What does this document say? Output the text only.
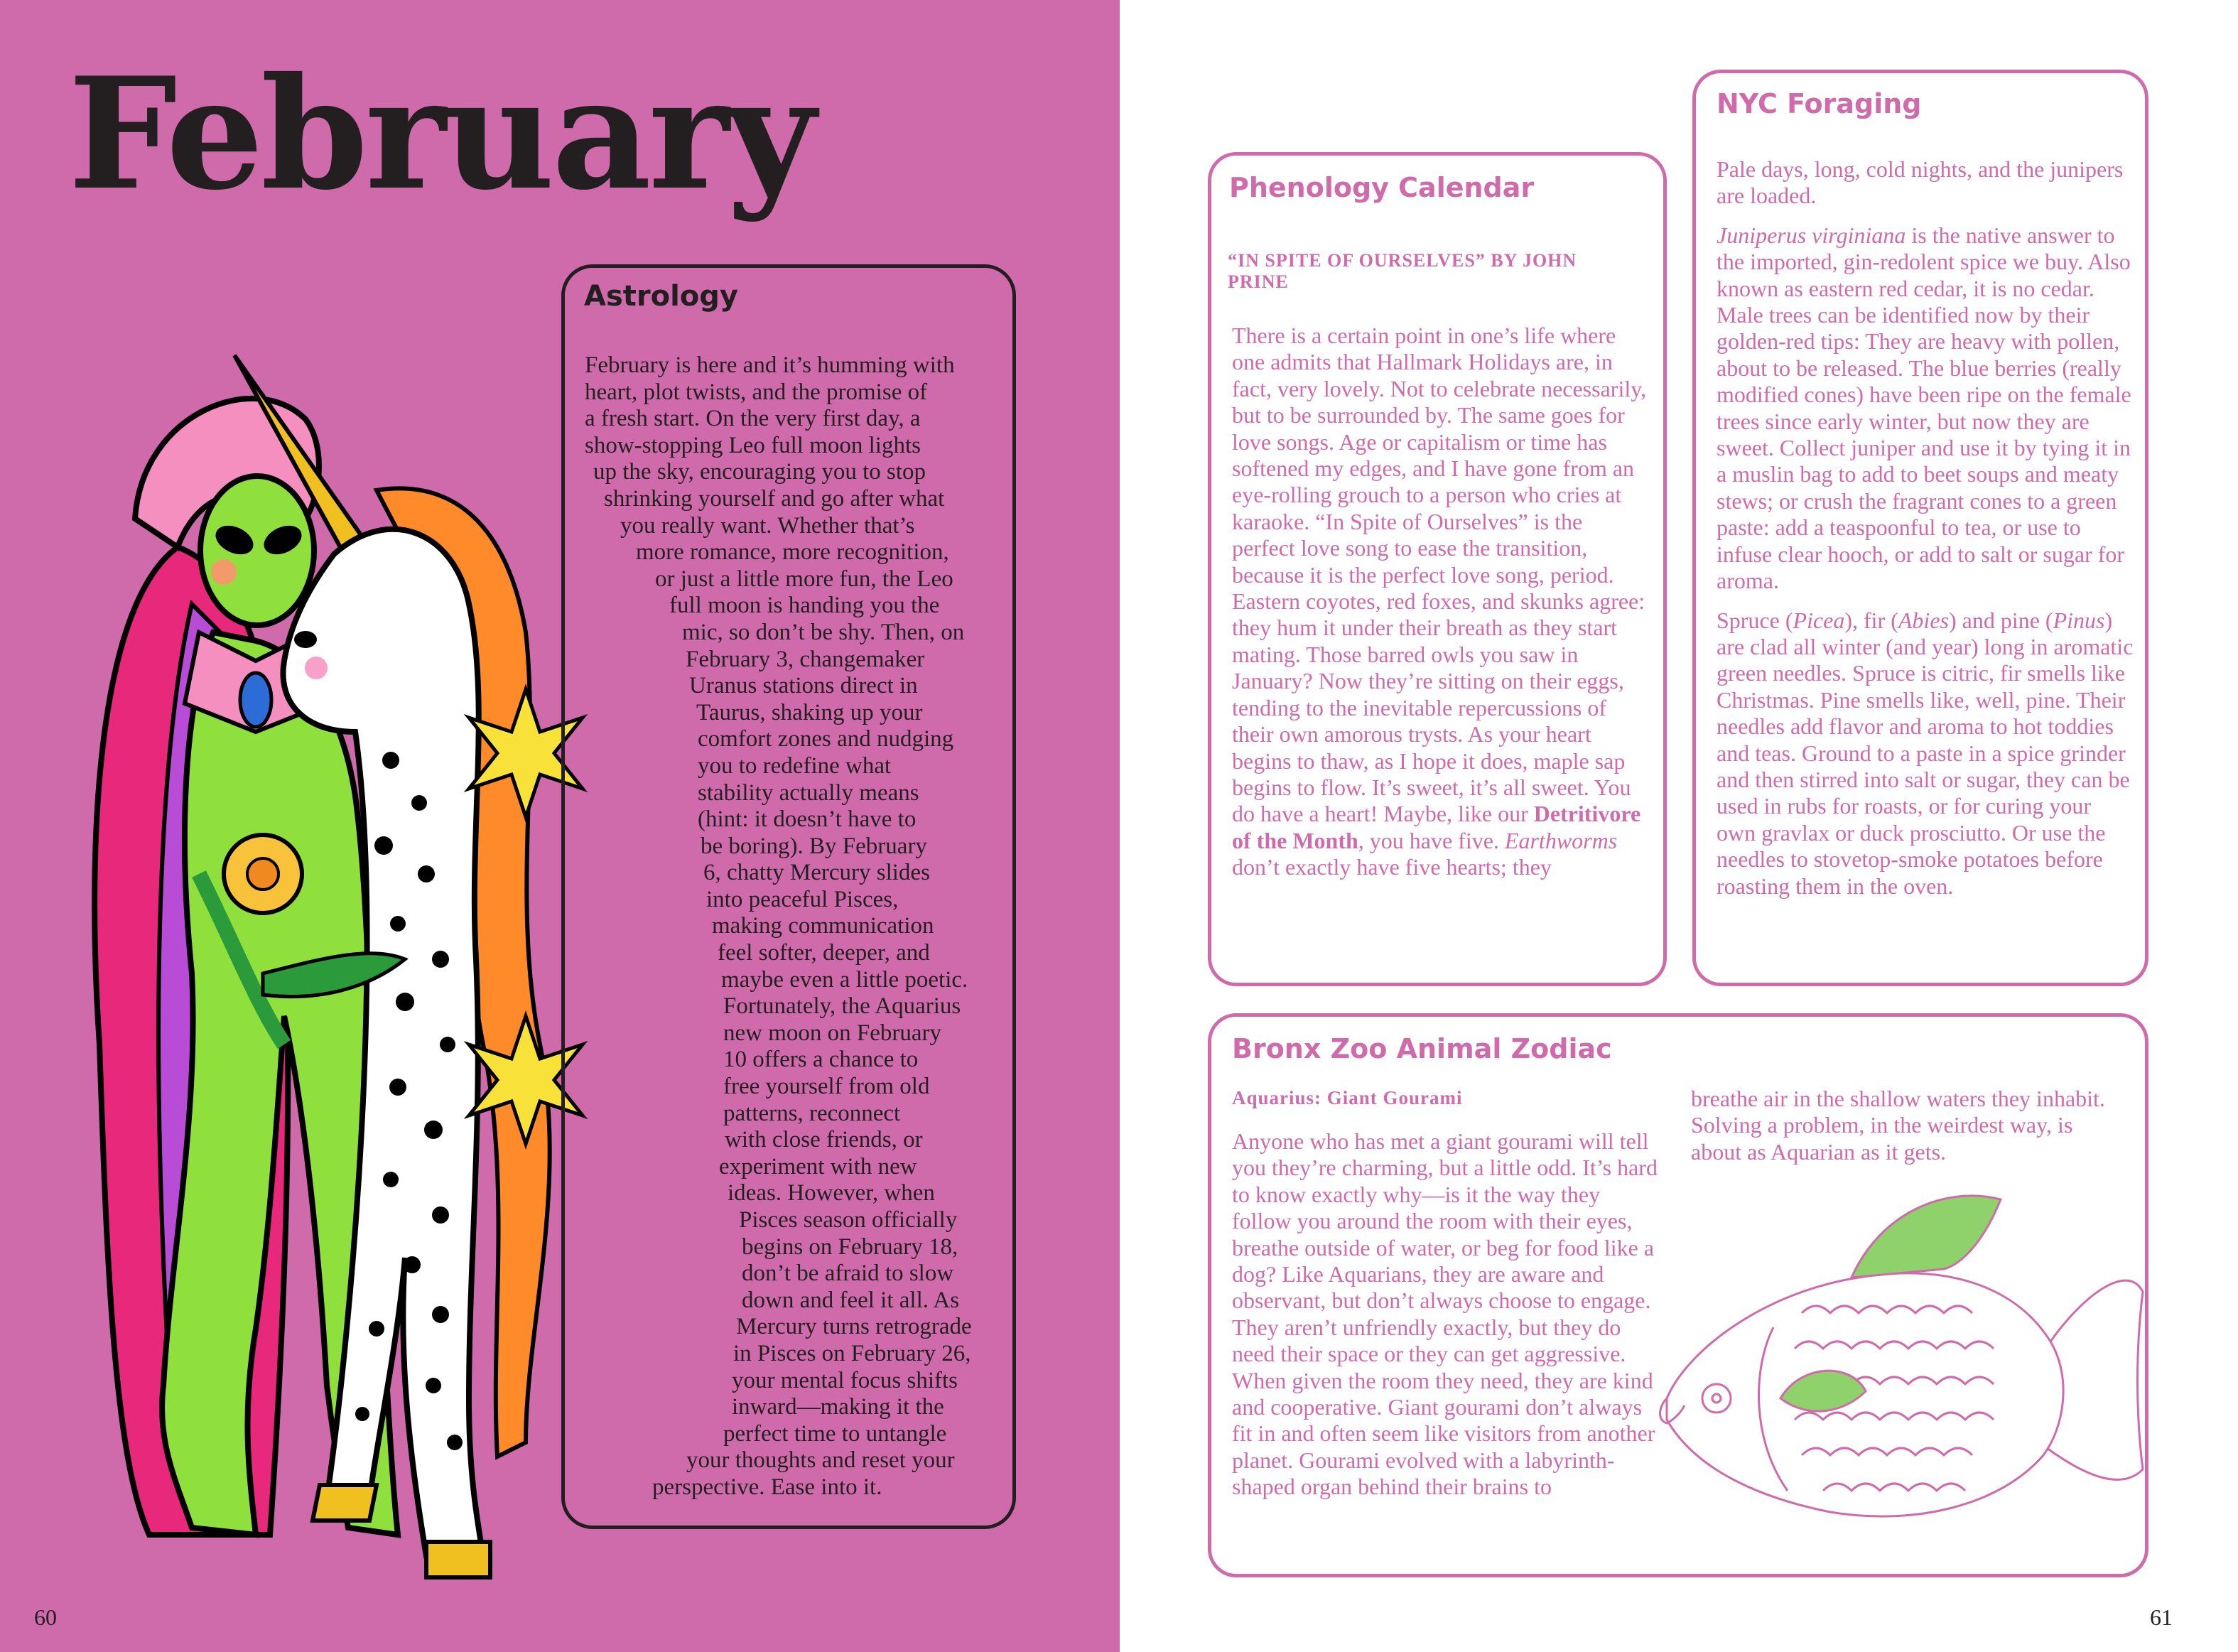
February
Astrology
February is here and it’s humming with
heart, plot twists, and the promise of
a fresh start. On the very first day, a
show-stopping Leo full moon lights
up the sky, encouraging you to stop
shrinking yourself and go after what
you really want. Whether that’s
more romance, more recognition,
or just a little more fun, the Leo
full moon is handing you the
mic, so don’t be shy. Then, on
February 3, changemaker
Uranus stations direct in
Taurus, shaking up your
comfort zones and nudging
you to redefine what
stability actually means
(hint: it doesn’t have to
be boring). By February
6, chatty Mercury slides
into peaceful Pisces,
making communication
feel softer, deeper, and
maybe even a little poetic.
Fortunately, the Aquarius
new moon on February
10 offers a chance to
free yourself from old
patterns, reconnect
with close friends, or
experiment with new
ideas. However, when
Pisces season officially
begins on February 18,
don’t be afraid to slow
down and feel it all. As
Mercury turns retrograde
in Pisces on February 26,
your mental focus shifts
inward—making it the
perfect time to untangle
your thoughts and reset your
perspective. Ease into it.
60	61
Phenology Calendar
“IN SPITE OF OURSELVES” BY JOHN PRINE
There is a certain point in one’s life where one admits that Hallmark Holidays are, in fact, very lovely. Not to celebrate necessarily, but to be surrounded by. The same goes for love songs. Age or capitalism or time has softened my edges, and I have gone from an eye-rolling grouch to a person who cries at karaoke. “In Spite of Ourselves” is the perfect love song to ease the transition, because it is the perfect love song, period. Eastern coyotes, red foxes, and skunks agree: they hum it under their breath as they start mating. Those barred owls you saw in January? Now they’re sitting on their eggs, tending to the inevitable repercussions of their own amorous trysts. As your heart begins to thaw, as I hope it does, maple sap begins to flow. It’s sweet, it’s all sweet. You do have a heart! Maybe, like our Detritivore of the Month, you have five. Earthworms don’t exactly have five hearts; they
NYC Foraging

Pale days, long, cold nights, and the junipers are loaded.

Juniperus virginiana is the native answer to the imported, gin-redolent spice we buy. Also known as eastern red cedar, it is no cedar. Male trees can be identified now by their golden-red tips: They are heavy with pollen, about to be released. The blue berries (really modified cones) have been ripe on the female trees since early winter, but now they are sweet. Collect juniper and use it by tying it in a muslin bag to add to beet soups and meaty stews; or crush the fragrant cones to a green paste: add a teaspoonful to tea, or use to infuse clear hooch, or add to salt or sugar for aroma.

Spruce (Picea), fir (Abies) and pine (Pinus) are clad all winter (and year) long in aromatic green needles. Spruce is citric, fir smells like Christmas. Pine smells like, well, pine. Their needles add flavor and aroma to hot toddies and teas. Ground to a paste in a spice grinder and then stirred into salt or sugar, they can be used in rubs for roasts, or for curing your own gravlax or duck prosciutto. Or use the needles to stovetop-smoke potatoes before roasting them in the oven.

Bronx Zoo Animal Zodiac
Aquarius: Giant Gourami
Anyone who has met a giant gourami will tell you they’re charming, but a little odd. It’s hard to know exactly why—is it the way they follow you around the room with their eyes, breathe outside of water, or beg for food like a dog? Like Aquarians, they are aware and observant, but don’t always choose to engage. They aren’t unfriendly exactly, but they do need their space or they can get aggressive. When given the room they need, they are kind and cooperative. Giant gourami don’t always fit in and often seem like visitors from another planet. Gourami evolved with a labyrinth-shaped organ behind their brains to
breathe air in the shallow waters they inhabit. Solving a problem, in the weirdest way, is about as Aquarian as it gets.
